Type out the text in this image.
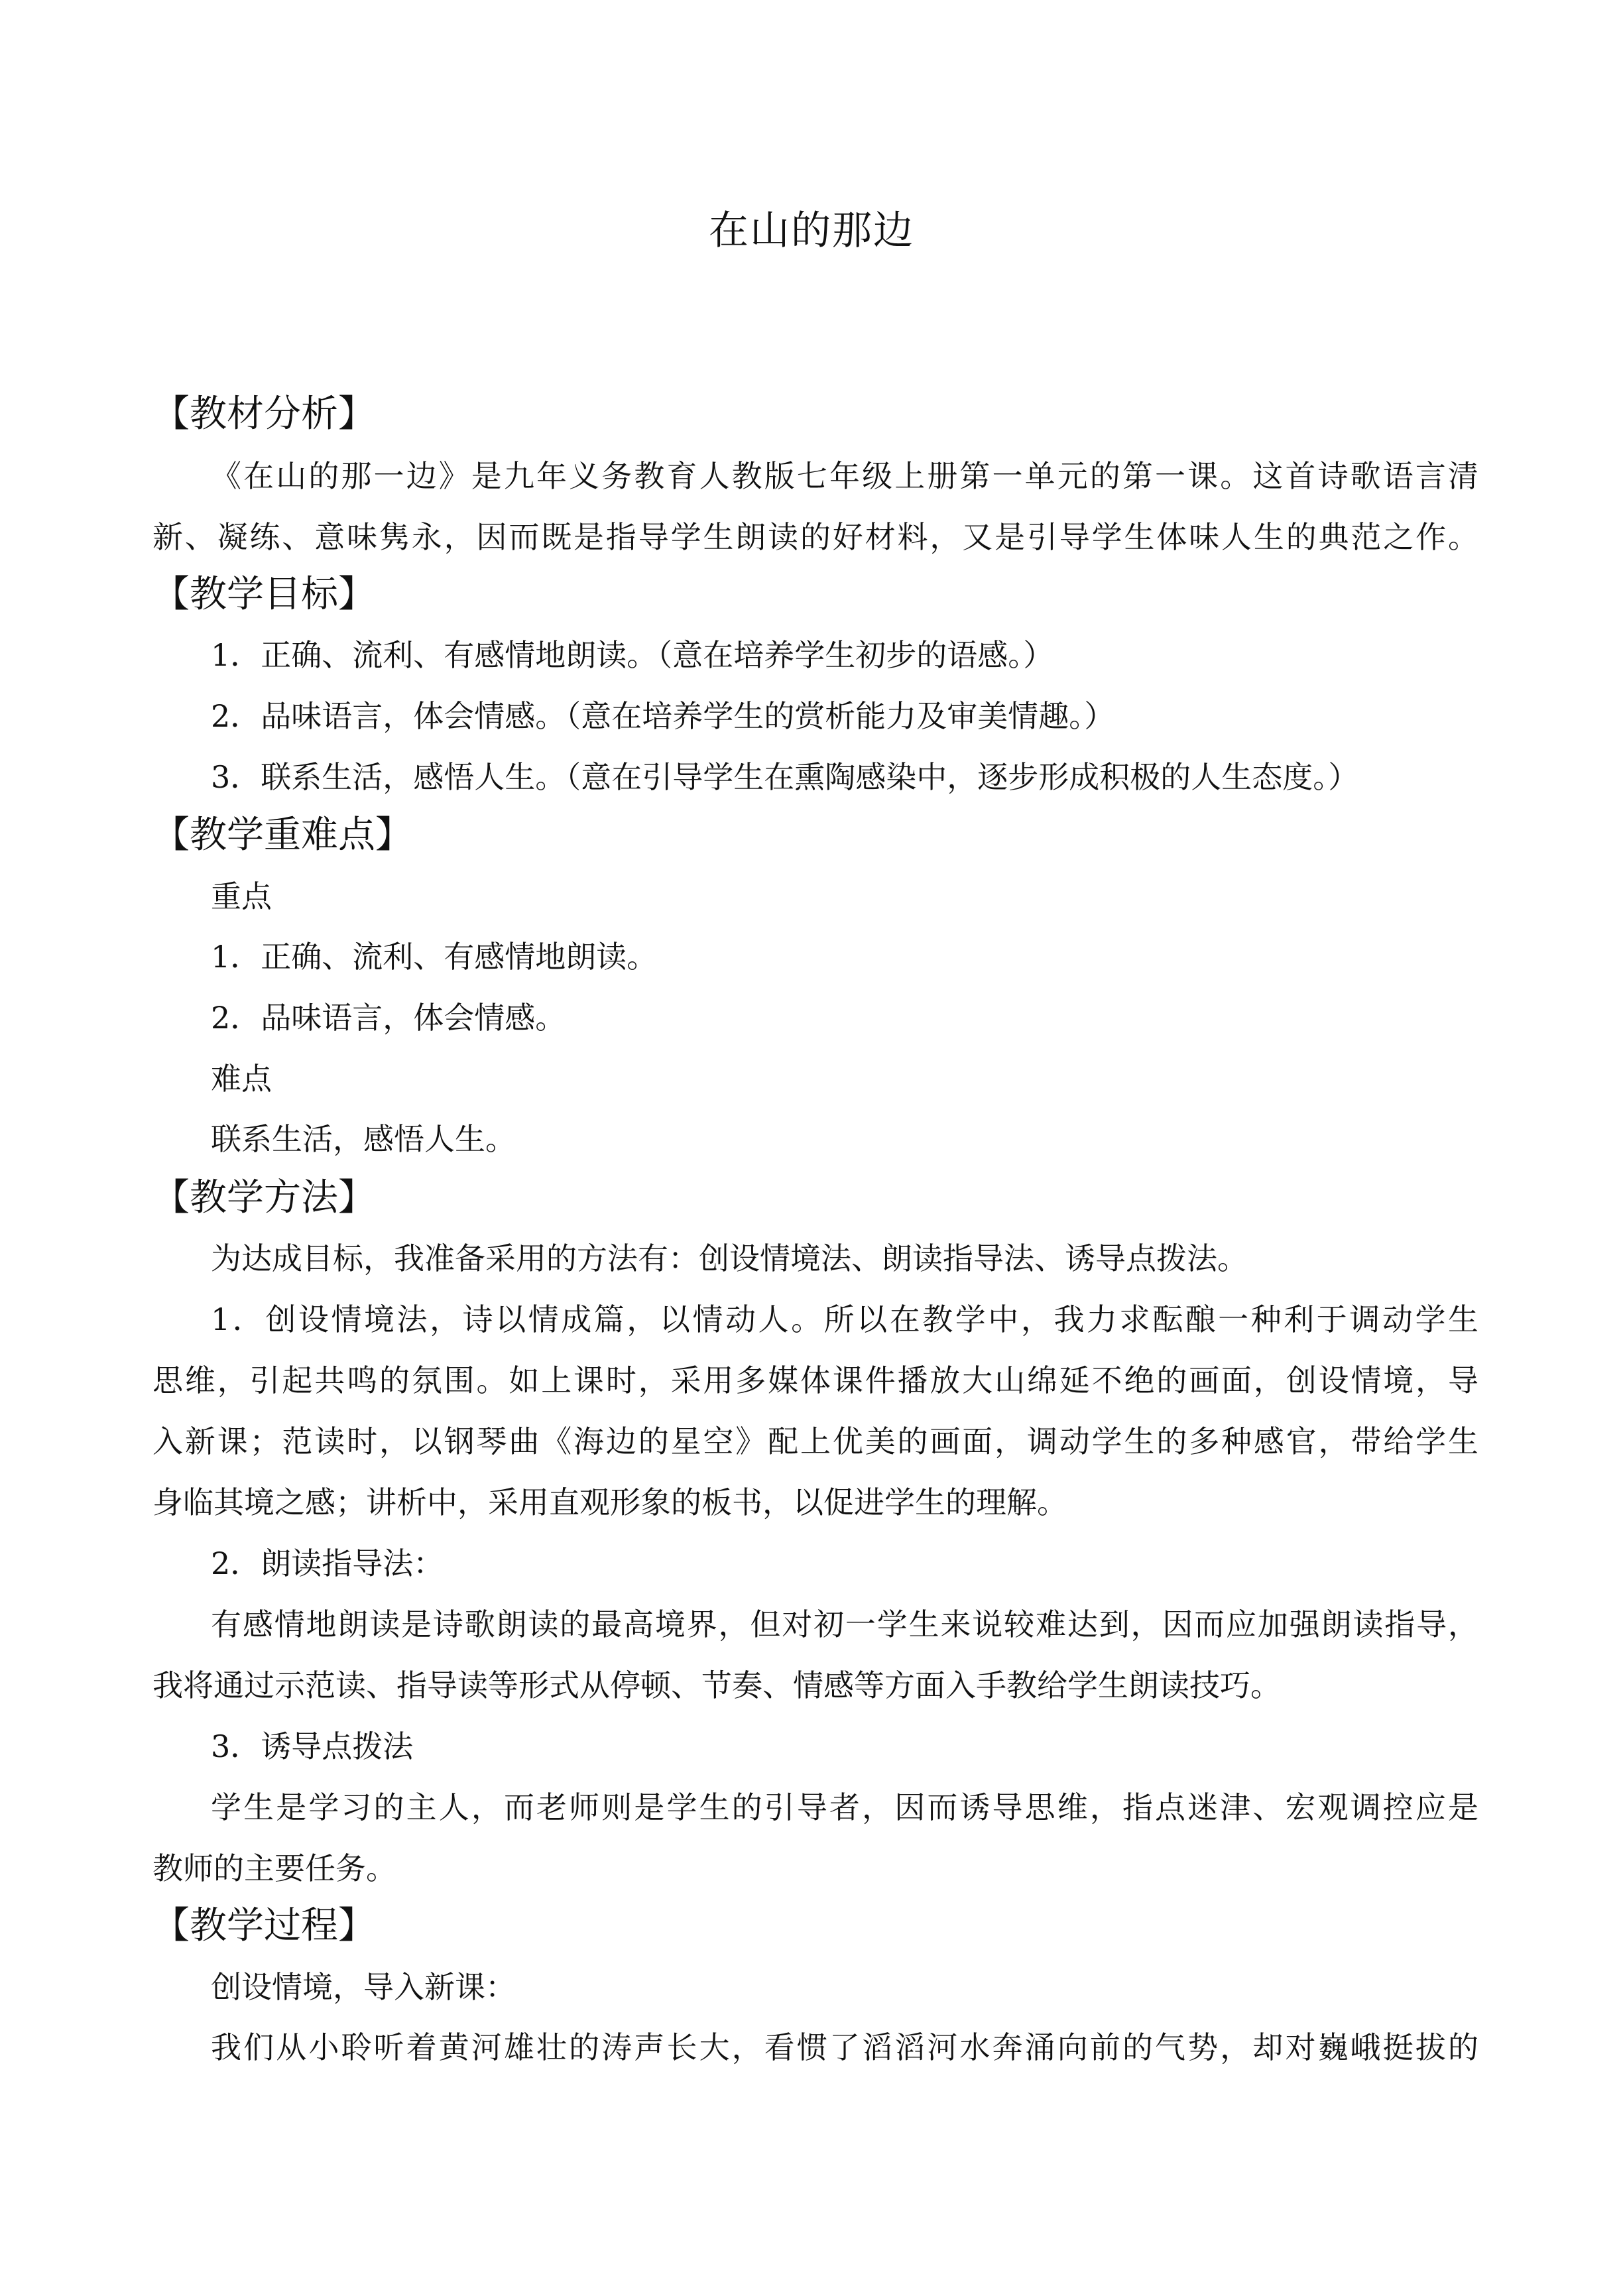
在山的那边
【教材分析】
《在山的那一边》是九年义务教育人教版七年级上册第一单元的第一课。这首诗歌语言清
新、凝练、意味隽永，因而既是指导学生朗读的好材料，又是引导学生体味人生的典范之作。
【教学目标】
1．正确、流利、有感情地朗读。（意在培养学生初步的语感。）
2．品味语言，体会情感。（意在培养学生的赏析能力及审美情趣。）
3．联系生活，感悟人生。（意在引导学生在熏陶感染中，逐步形成积极的人生态度。）
【教学重难点】
重点
1．正确、流利、有感情地朗读。
2．品味语言，体会情感。
难点
联系生活，感悟人生。
【教学方法】
为达成目标，我准备采用的方法有：创设情境法、朗读指导法、诱导点拨法。
1．创设情境法，诗以情成篇，以情动人。所以在教学中，我力求酝酿一种利于调动学生
思维，引起共鸣的氛围。如上课时，采用多媒体课件播放大山绵延不绝的画面，创设情境，导
入新课；范读时，以钢琴曲《海边的星空》配上优美的画面，调动学生的多种感官，带给学生
身临其境之感；讲析中，采用直观形象的板书，以促进学生的理解。
2．朗读指导法：
有感情地朗读是诗歌朗读的最高境界，但对初一学生来说较难达到，因而应加强朗读指导，
我将通过示范读、指导读等形式从停顿、节奏、情感等方面入手教给学生朗读技巧。
3．诱导点拨法
学生是学习的主人，而老师则是学生的引导者，因而诱导思维，指点迷津、宏观调控应是
教师的主要任务。
【教学过程】
创设情境，导入新课：
我们从小聆听着黄河雄壮的涛声长大，看惯了滔滔河水奔涌向前的气势，却对巍峨挺拔的
